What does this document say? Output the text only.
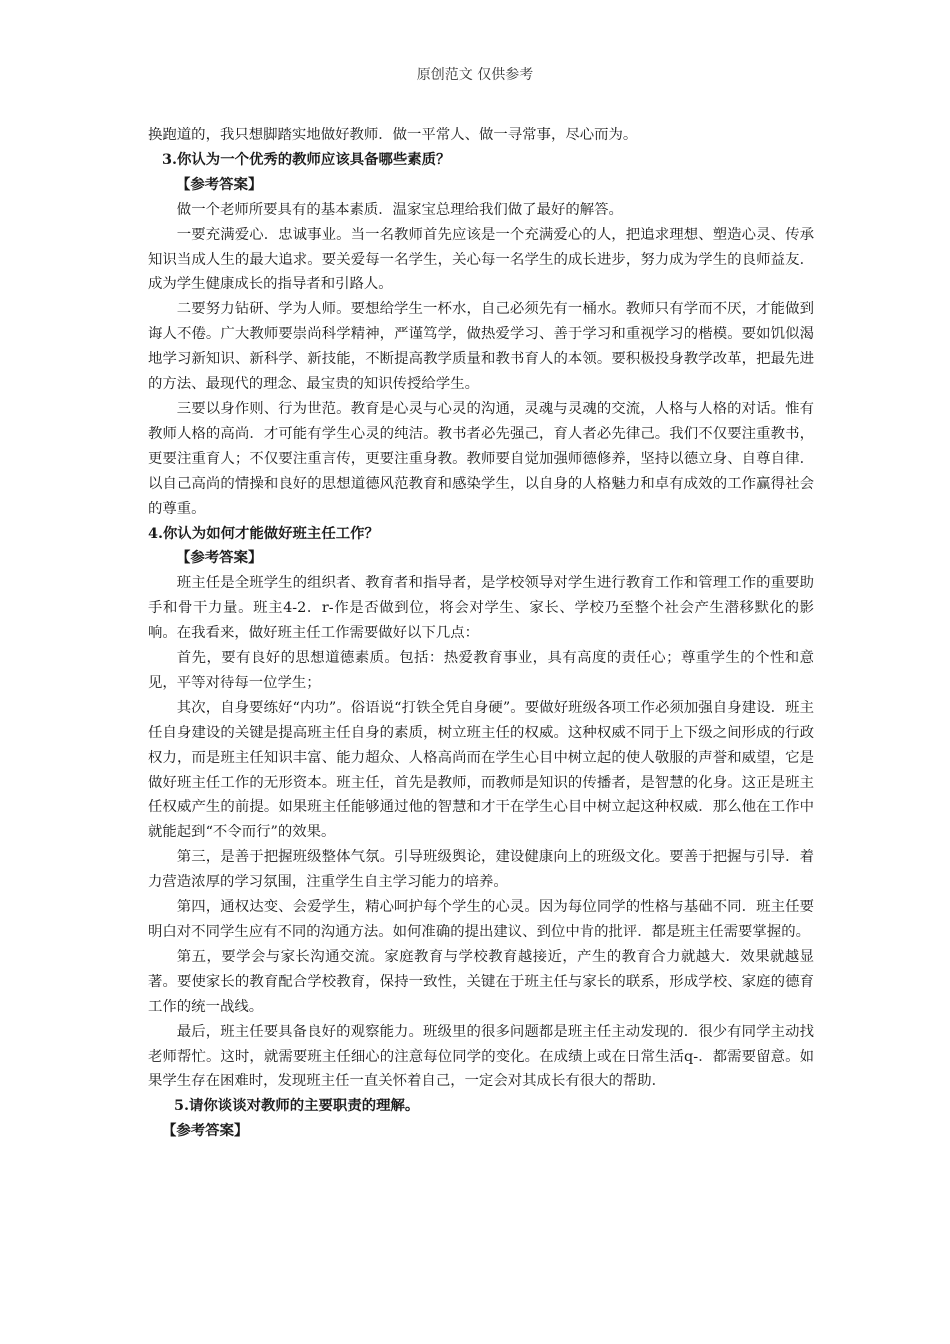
原创范文 仅供参考

换跑道的，我只想脚踏实地做好教师．做一平常人、做一寻常事，尽心而为。

3.你认为一个优秀的教师应该具备哪些素质？

【参考答案】

做一个老师所要具有的基本素质．温家宝总理给我们做了最好的解答。

一要充满爱心．忠诚事业。当一名教师首先应该是一个充满爱心的人，把追求理想、塑造心灵、传承知识当成人生的最大追求。要关爱每一名学生，关心每一名学生的成长进步，努力成为学生的良师益友．成为学生健康成长的指导者和引路人。

二要努力钻研、学为人师。要想给学生一杯水，自己必须先有一桶水。教师只有学而不厌，才能做到诲人不倦。广大教师要崇尚科学精神，严谨笃学，做热爱学习、善于学习和重视学习的楷模。要如饥似渴地学习新知识、新科学、新技能，不断提高教学质量和教书育人的本领。要积极投身教学改革，把最先进的方法、最现代的理念、最宝贵的知识传授给学生。

三要以身作则、行为世范。教育是心灵与心灵的沟通，灵魂与灵魂的交流，人格与人格的对话。惟有教师人格的高尚．才可能有学生心灵的纯洁。教书者必先强己，育人者必先律己。我们不仅要注重教书，更要注重育人；不仅要注重言传，更要注重身教。教师要自觉加强师德修养，坚持以德立身、自尊自律．以自己高尚的情操和良好的思想道德风范教育和感染学生，以自身的人格魅力和卓有成效的工作赢得社会的尊重。

4.你认为如何才能做好班主任工作？

【参考答案】

班主任是全班学生的组织者、教育者和指导者，是学校领导对学生进行教育工作和管理工作的重要助手和骨干力量。班主4-2．r-作是否做到位，将会对学生、家长、学校乃至整个社会产生潜移默化的影响。在我看来，做好班主任工作需要做好以下几点：

首先，要有良好的思想道德素质。包括：热爱教育事业，具有高度的责任心；尊重学生的个性和意见，平等对待每一位学生；

其次，自身要练好“内功”。俗语说“打铁全凭自身硬”。要做好班级各项工作必须加强自身建设．班主任自身建设的关键是提高班主任自身的素质，树立班主任的权威。这种权威不同于上下级之间形成的行政权力，而是班主任知识丰富、能力超众、人格高尚而在学生心目中树立起的使人敬服的声誉和威望，它是做好班主任工作的无形资本。班主任，首先是教师，而教师是知识的传播者，是智慧的化身。这正是班主任权威产生的前提。如果班主任能够通过他的智慧和才干在学生心目中树立起这种权威．那么他在工作中就能起到“不令而行”的效果。

第三，是善于把握班级整体气氛。引导班级舆论，建设健康向上的班级文化。要善于把握与引导．着力营造浓厚的学习氛围，注重学生自主学习能力的培养。

第四，通权达变、会爱学生，精心呵护每个学生的心灵。因为每位同学的性格与基础不同．班主任要明白对不同学生应有不同的沟通方法。如何准确的提出建议、到位中肯的批评．都是班主任需要掌握的。

第五，要学会与家长沟通交流。家庭教育与学校教育越接近，产生的教育合力就越大．效果就越显著。要使家长的教育配合学校教育，保持一致性，关键在于班主任与家长的联系，形成学校、家庭的德育工作的统一战线。

最后，班主任要具备良好的观察能力。班级里的很多问题都是班主任主动发现的．很少有同学主动找老师帮忙。这时，就需要班主任细心的注意每位同学的变化。在成绩上或在日常生活q-．都需要留意。如果学生存在困难时，发现班主任一直关怀着自己，一定会对其成长有很大的帮助．

5.请你谈谈对教师的主要职责的理解。

【参考答案】
